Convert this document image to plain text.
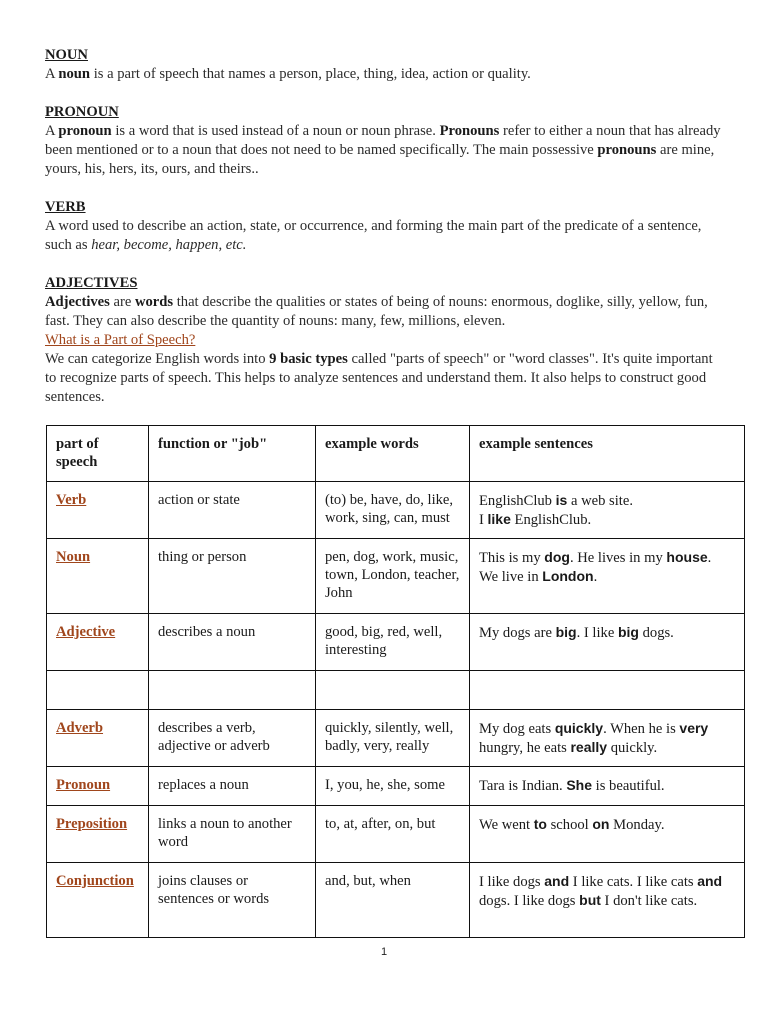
NOUN

A noun is a part of speech that names a person, place, thing, idea, action or quality.

PRONOUN

A pronoun is a word that is used instead of a noun or noun phrase. Pronouns refer to either a noun that has already been mentioned or to a noun that does not need to be named specifically. The main possessive pronouns are mine, yours, his, hers, its, ours, and theirs..

VERB

A word used to describe an action, state, or occurrence, and forming the main part of the predicate of a sentence, such as hear, become, happen, etc.

ADJECTIVES

Adjectives are words that describe the qualities or states of being of nouns: enormous, doglike, silly, yellow, fun, fast. They can also describe the quantity of nouns: many, few, millions, eleven.

What is a Part of Speech?

We can categorize English words into 9 basic types called "parts of speech" or "word classes". It's quite important to recognize parts of speech. This helps to analyze sentences and understand them. It also helps to construct good sentences.

part of speech	function or "job"	example words	example sentences
Verb	action or state	(to) be, have, do, like, work, sing, can, must	EnglishClub is a web site.
I like EnglishClub.
Noun	thing or person	pen, dog, work, music, town, London, teacher, John	This is my dog. He lives in my house.
We live in London.
Adjective	describes a noun	good, big, red, well, interesting	My dogs are big. I like big dogs.

Adverb	describes a verb, adjective or adverb	quickly, silently, well, badly, very, really	My dog eats quickly. When he is very hungry, he eats really quickly.
Pronoun	replaces a noun	I, you, he, she, some	Tara is Indian. She is beautiful.
Preposition	links a noun to another word	to, at, after, on, but	We went to school on Monday.
Conjunction	joins clauses or sentences or words	and, but, when	I like dogs and I like cats. I like cats and dogs. I like dogs but I don't like cats.
1
